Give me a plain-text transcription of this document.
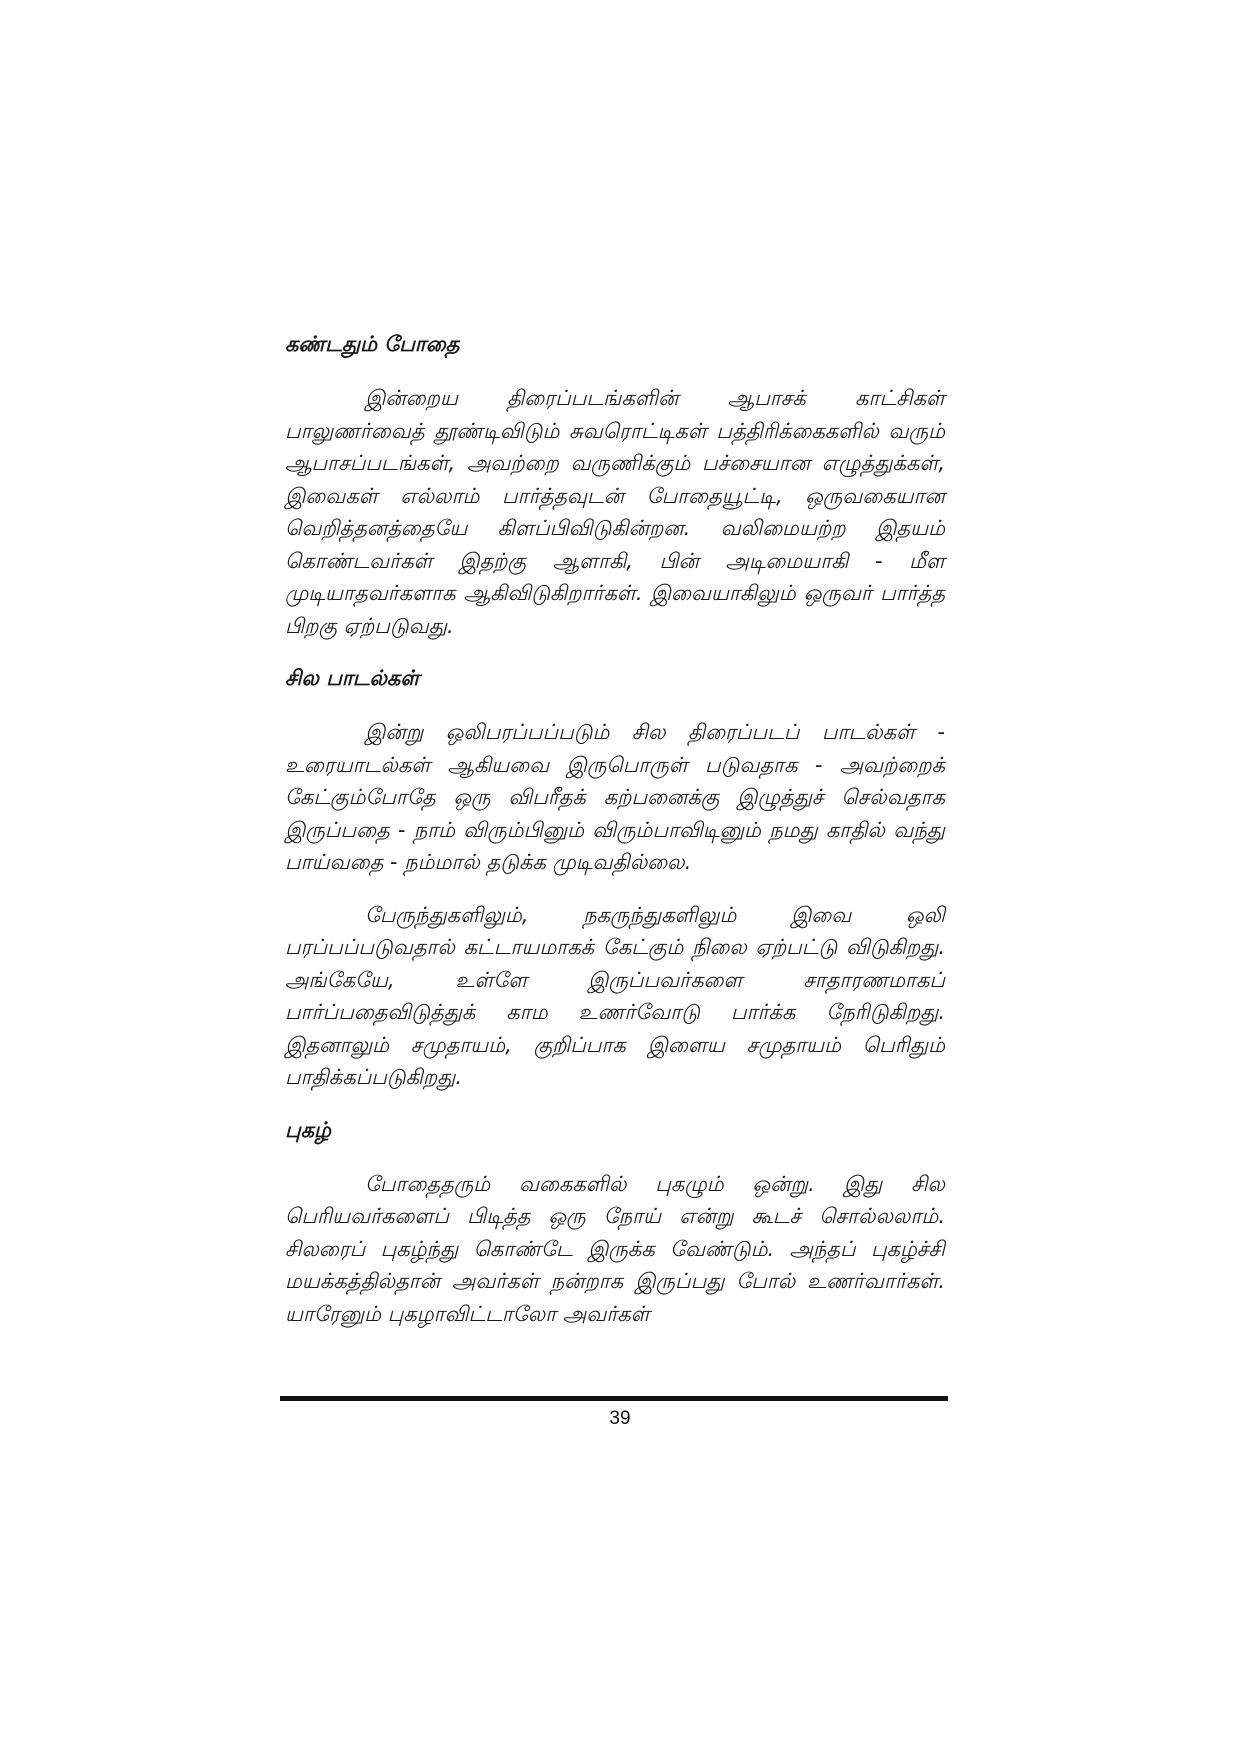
கண்டதும் போதை

இன்றைய திரைப்படங்களின் ஆபாசக் காட்சிகள் பாலுணர்வைத் தூண்டிவிடும் சுவரொட்டிகள் பத்திரிக்கைகளில் வரும் ஆபாசப்படங்கள், அவற்றை வருணிக்கும் பச்சையான எழுத்துக்கள், இவைகள் எல்லாம் பார்த்தவுடன் போதையூட்டி, ஒருவகையான வெறித்தனத்தையே கிளப்பிவிடுகின்றன. வலிமையற்ற இதயம் கொண்டவர்கள் இதற்கு ஆளாகி, பின் அடிமையாகி - மீள முடியாதவர்களாக ஆகிவிடுகிறார்கள். இவையாகிலும் ஒருவர் பார்த்த பிறகு ஏற்படுவது.

சில பாடல்கள்

இன்று ஒலிபரப்பப்படும் சில திரைப்படப் பாடல்கள் - உரையாடல்கள் ஆகியவை இருபொருள் படுவதாக - அவற்றைக் கேட்கும்போதே ஒரு விபரீதக் கற்பனைக்கு இழுத்துச் செல்வதாக இருப்பதை - நாம் விரும்பினும் விரும்பாவிடினும் நமது காதில் வந்து பாய்வதை - நம்மால் தடுக்க முடிவதில்லை.

பேருந்துகளிலும், நகருந்துகளிலும் இவை ஒலி பரப்பப்படுவதால் கட்டாயமாகக் கேட்கும் நிலை ஏற்பட்டு விடுகிறது. அங்கேயே, உள்ளே இருப்பவர்களை சாதாரணமாகப் பார்ப்பதைவிடுத்துக் காம உணர்வோடு பார்க்க நேரிடுகிறது. இதனாலும் சமுதாயம், குறிப்பாக இளைய சமுதாயம் பெரிதும் பாதிக்கப்படுகிறது.

புகழ்

போதைதரும் வகைகளில் புகழும் ஒன்று. இது சில பெரியவர்களைப் பிடித்த ஒரு நோய் என்று கூடச் சொல்லலாம். சிலரைப் புகழ்ந்து கொண்டே இருக்க வேண்டும். அந்தப் புகழ்ச்சி மயக்கத்தில்தான் அவர்கள் நன்றாக இருப்பது போல் உணர்வார்கள். யாரேனும் புகழாவிட்டாலோ அவர்கள்

39
